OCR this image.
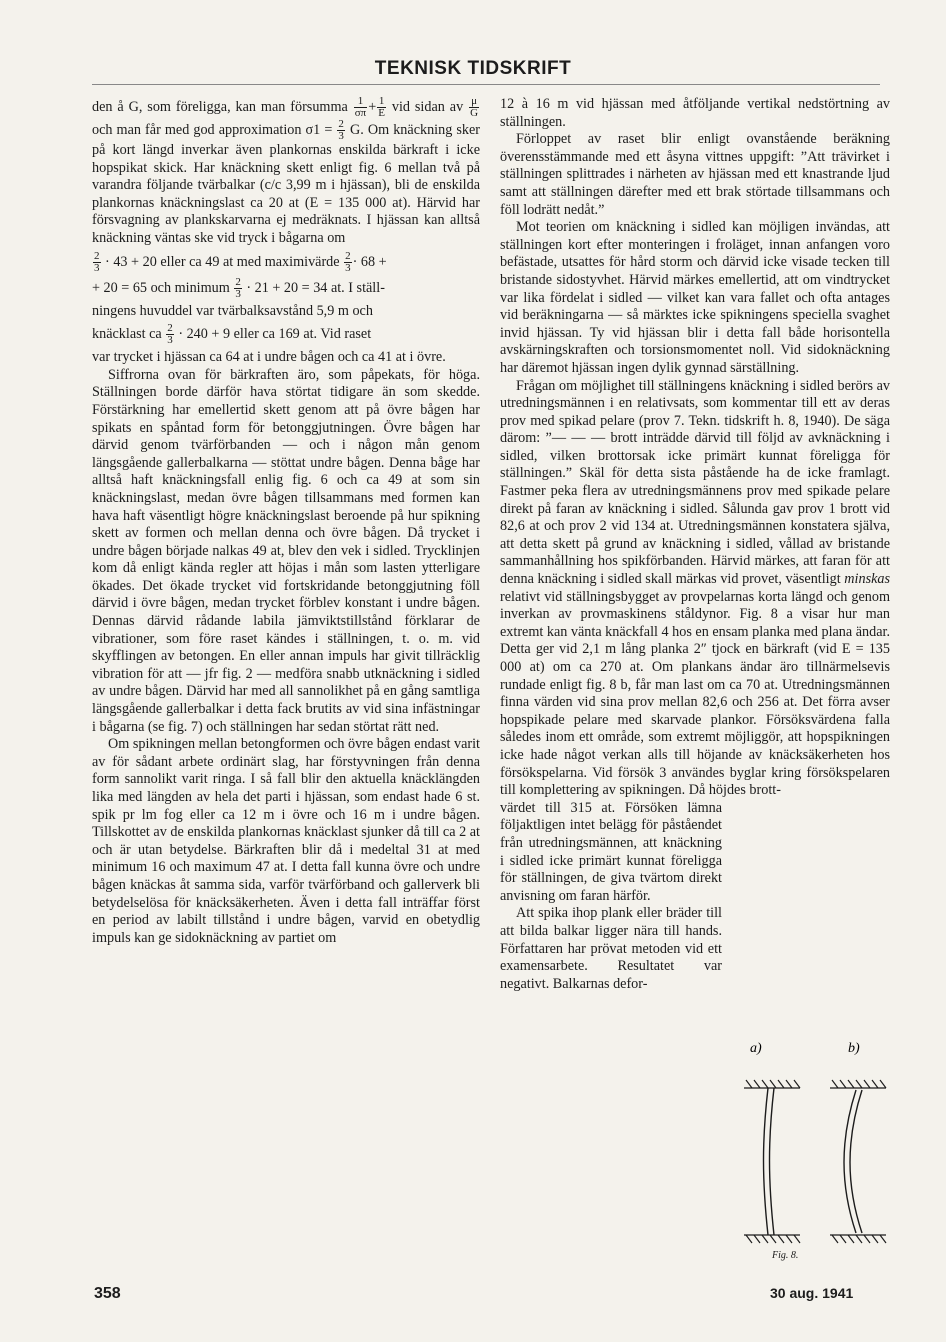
TEKNISK TIDSKRIFT

den å G, som föreligga, kan man försumma $\frac{1}{\sigma\pi} + \frac{1}{E}$ vid sidan av $\frac{\mu}{G}$
och man får med god approximation $\sigma 1 = \frac{2}{3} G$. Om knäckning sker på kort längd inverkar även plankornas enskilda bärkraft i icke hopspikat skick. Har knäckning skett enligt fig. 6 mellan två på varandra följande tvärbalkar (c/c 3,99 m i hjässan), bli de enskilda plankornas knäckningslast ca 20 at (E = 135 000 at). Härvid har försvagning av plankskarvarna ej medräknats. I hjässan kan alltså knäckning väntas ske vid tryck i bågarna om

$\frac{2}{3} \cdot 43 + 20$ eller ca 49 at med maximivärde $\frac{2}{3} \cdot 68$ +

+ 20 = 65 och minimum $\frac{2}{3} \cdot 21 + 20 = 34$ at. I ställ-

ningens huvuddel var tvärbalksavstånd 5,9 m och

knäcklast ca $\frac{2}{3} \cdot 240 + 9$ eller ca 169 at. Vid raset

var trycket i hjässan ca 64 at i undre bågen och ca 41 at i övre.

Siffrorna ovan för bärkraften äro, som påpekats, för höga. Ställningen borde därför hava störtat tidigare än som skedde. Förstärkning har emellertid skett genom att på övre bågen har spikats en spåntad form för betonggjutningen. Övre bågen har därvid genom tvärförbanden — och i någon mån genom längsgående gallerbalkarna — stöttat undre bågen. Denna båge har alltså haft knäckningsfall enlig fig. 6 och ca 49 at som sin knäckningslast, medan övre bågen tillsammans med formen kan hava haft väsentligt högre knäckningslast beroende på hur spikning skett av formen och mellan denna och övre bågen. Då trycket i undre bågen började nalkas 49 at, blev den vek i sidled. Trycklinjen kom då enligt kända regler att höjas i mån som lasten ytterligare ökades. Det ökade trycket vid fortskridande betonggjutning föll därvid i övre bågen, medan trycket förblev konstant i undre bågen. Dennas därvid rådande labila jämviktstillstånd förklarar de vibrationer, som före raset kändes i ställningen, t. o. m. vid skyfflingen av betongen. En eller annan impuls har givit tillräcklig vibration för att — jfr fig. 2 — medföra snabb utknäckning i sidled av undre bågen. Därvid har med all sannolikhet på en gång samtliga längsgående gallerbalkar i detta fack brutits av vid sina infästningar i bågarna (se fig. 7) och ställningen har sedan störtat rätt ned.

Om spikningen mellan betongformen och övre bågen endast varit av för sådant arbete ordinärt slag, har förstyvningen från denna form sannolikt varit ringa. I så fall blir den aktuella knäcklängden lika med längden av hela det parti i hjässan, som endast hade 6 st. spik pr lm fog eller ca 12 m i övre och 16 m i undre bågen. Tillskottet av de enskilda plankornas knäcklast sjunker då till ca 2 at och är utan betydelse. Bärkraften blir då i medeltal 31 at med minimum 16 och maximum 47 at. I detta fall kunna övre och undre bågen knäckas åt samma sida, varför tvärförband och gallerverk bli betydelselösa för knäcksäkerheten. Även i detta fall inträffar först en period av labilt tillstånd i undre bågen, varvid en obetydlig impuls kan ge sidoknäckning av partiet om

12 à 16 m vid hjässan med åtföljande vertikal nedstörtning av ställningen.

Förloppet av raset blir enligt ovanstående beräkning överensstämmande med ett åsyna vittnes uppgift: ”Att trävirket i ställningen splittrades i närheten av hjässan med ett knastrande ljud samt att ställningen därefter med ett brak störtade tillsammans och föll lodrätt nedåt.”

Mot teorien om knäckning i sidled kan möjligen invändas, att ställningen kort efter monteringen i froläget, innan anfangen voro befästade, utsattes för hård storm och därvid icke visade tecken till bristande sidostyvhet. Härvid märkes emellertid, att om vindtrycket var lika fördelat i sidled — vilket kan vara fallet och ofta antages vid beräkningarna — så märktes icke spikningens speciella svaghet invid hjässan. Ty vid hjässan blir i detta fall både horisontella avskärningskraften och torsionsmomentet noll. Vid sidoknäckning har däremot hjässan ingen dylik gynnad särställning.

Frågan om möjlighet till ställningens knäckning i sidled berörs av utredningsmännen i en relativsats, som kommentar till ett av deras prov med spikad pelare (prov 7. Tekn. tidskrift h. 8, 1940). De säga därom: ”— — — brott inträdde därvid till följd av avknäckning i sidled, vilken brottorsak icke primärt kunnat föreligga för ställningen.” Skäl för detta sista påstående ha de icke framlagt. Fastmer peka flera av utredningsmännens prov med spikade pelare direkt på faran av knäckning i sidled. Sålunda gav prov 1 brott vid 82,6 at och prov 2 vid 134 at. Utredningsmännen konstatera själva, att detta skett på grund av knäckning i sidled, vållad av bristande sammanhållning hos spikförbanden. Härvid märkes, att faran för att denna knäckning i sidled skall märkas vid provet, väsentligt minskas relativt vid ställningsbygget av provpelarnas korta längd och genom inverkan av provmaskinens ståldynor. Fig. 8 a visar hur man extremt kan vänta knäckfall 4 hos en ensam planka med plana ändar. Detta ger vid 2,1 m lång planka 2″ tjock en bärkraft (vid E = 135 000 at) om ca 270 at. Om plankans ändar äro tillnärmelsevis rundade enligt fig. 8 b, får man last om ca 70 at. Utredningsmännen finna värden vid sina prov mellan 82,6 och 256 at. Det förra avser hopspikade pelare med skarvade plankor. Försöksvärdena falla således inom ett område, som extremt möjliggör, att hopspikningen icke hade något verkan alls till höjande av knäcksäkerheten hos försökspelarna. Vid försök 3 användes byglar kring försökspelaren till komplettering av spikningen. Då höjdes brott-

värdet till 315 at. Försöken lämna följaktligen intet belägg för påståendet från utredningsmännen, att knäckning i sidled icke primärt kunnat föreligga för ställningen, de giva tvärtom direkt anvisning om faran härför.

Att spika ihop plank eller bräder till att bilda balkar ligger nära till hands. Författaren har prövat metoden vid ett examensarbete. Resultatet var negativt. Balkarnas defor-

a)	b)
Fig. 8.
358	30 aug. 1941
